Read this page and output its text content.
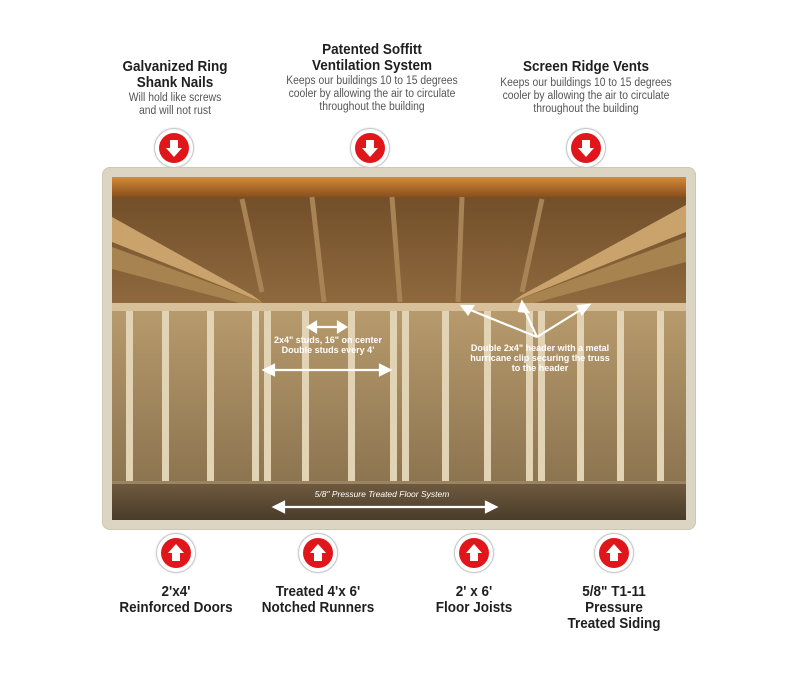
Galvanized Ring
Shank Nails
Will hold like screws
and will not rust
Patented Soffitt
Ventilation System
Keeps our buildings 10 to 15 degrees
cooler by allowing the air to circulate
throughout the building
Screen Ridge Vents
Keeps our buildings 10 to 15 degrees
cooler by allowing the air to circulate
throughout the building
2x4" studs, 16" on center
Double studs every 4'	Double 2x4" header with a metal
hurricane clip securing the truss
to the header
5/8" Pressure Treated Floor System
2'x4'
Reinforced Doors
Treated 4'x 6'
Notched Runners
2' x 6'
Floor Joists
5/8" T1-11
Pressure
Treated Siding
